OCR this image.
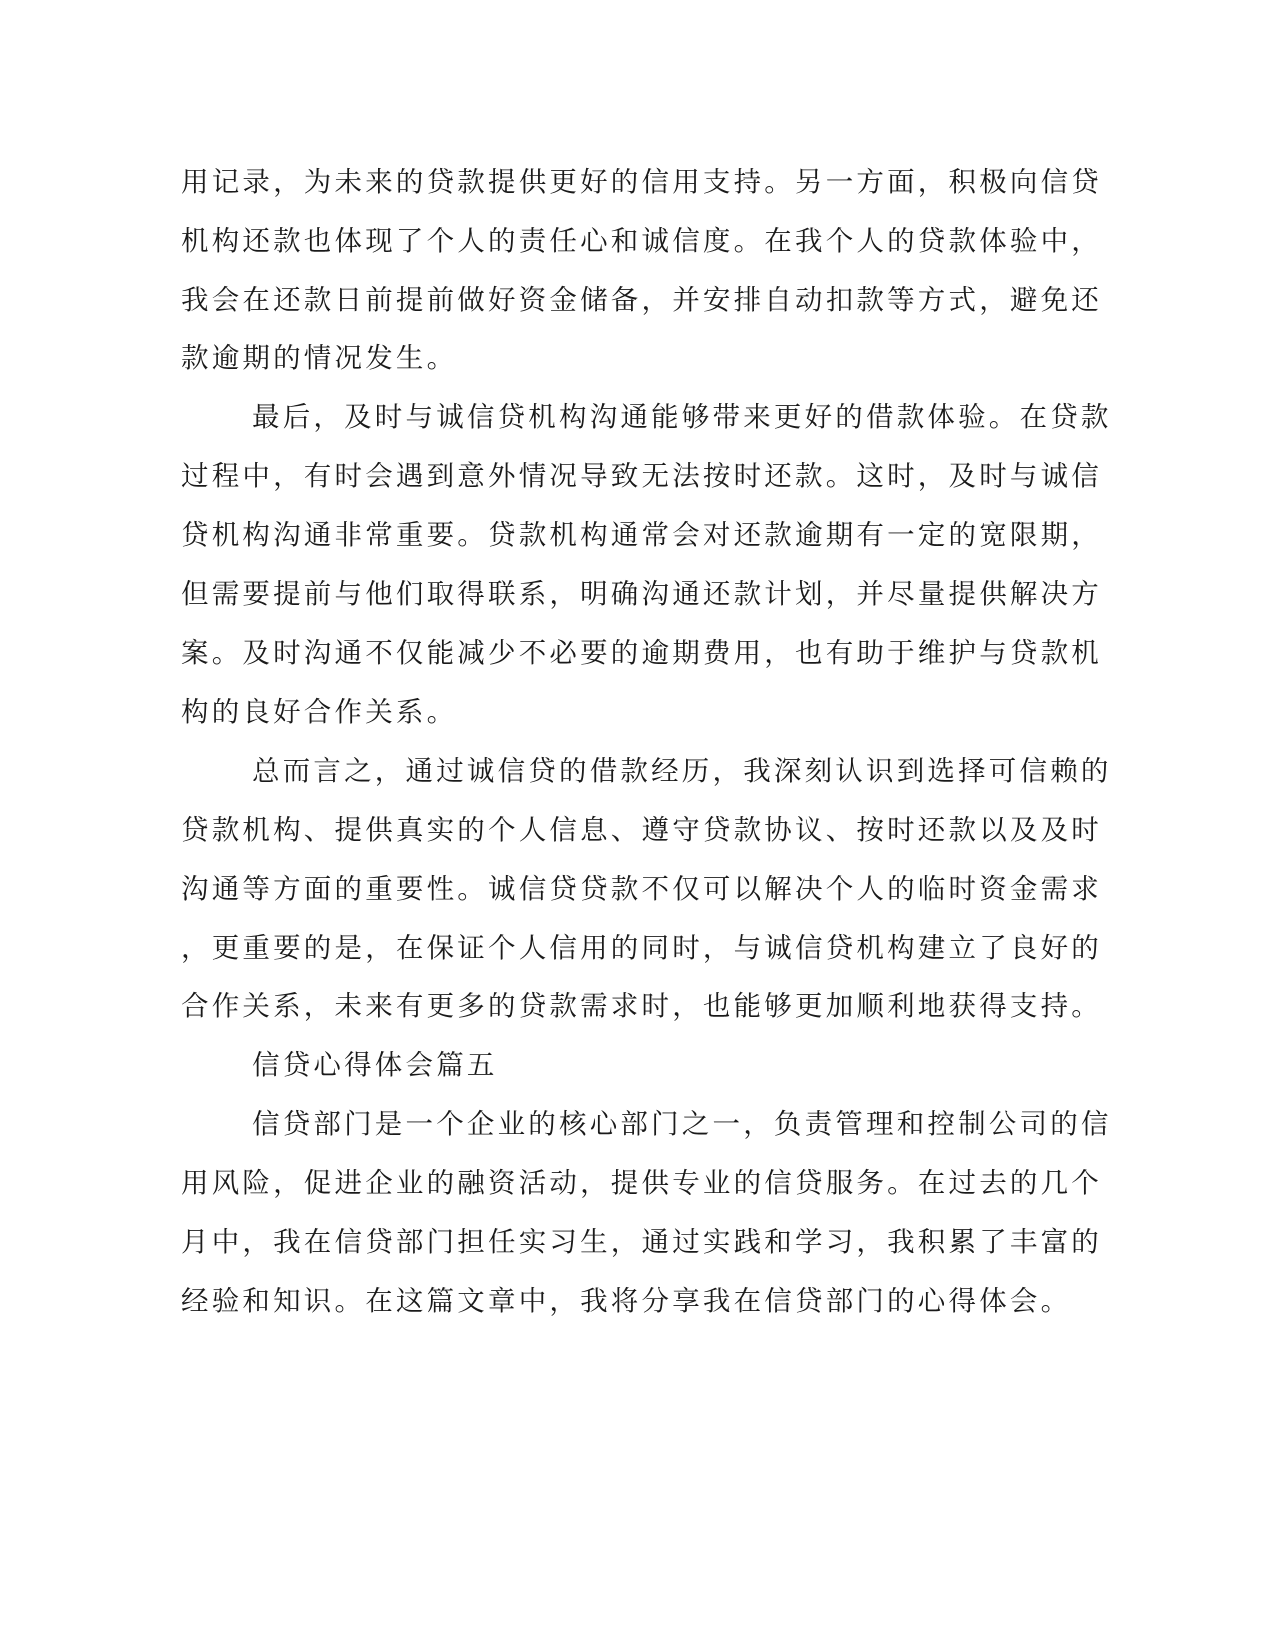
用记录，为未来的贷款提供更好的信用支持。另一方面，积极向信贷
机构还款也体现了个人的责任心和诚信度。在我个人的贷款体验中，
我会在还款日前提前做好资金储备，并安排自动扣款等方式，避免还
款逾期的情况发生。
最后，及时与诚信贷机构沟通能够带来更好的借款体验。在贷款
过程中，有时会遇到意外情况导致无法按时还款。这时，及时与诚信
贷机构沟通非常重要。贷款机构通常会对还款逾期有一定的宽限期，
但需要提前与他们取得联系，明确沟通还款计划，并尽量提供解决方
案。及时沟通不仅能减少不必要的逾期费用，也有助于维护与贷款机
构的良好合作关系。
总而言之，通过诚信贷的借款经历，我深刻认识到选择可信赖的
贷款机构、提供真实的个人信息、遵守贷款协议、按时还款以及及时
沟通等方面的重要性。诚信贷贷款不仅可以解决个人的临时资金需求
，更重要的是，在保证个人信用的同时，与诚信贷机构建立了良好的
合作关系，未来有更多的贷款需求时，也能够更加顺利地获得支持。
信贷心得体会篇五
信贷部门是一个企业的核心部门之一，负责管理和控制公司的信
用风险，促进企业的融资活动，提供专业的信贷服务。在过去的几个
月中，我在信贷部门担任实习生，通过实践和学习，我积累了丰富的
经验和知识。在这篇文章中，我将分享我在信贷部门的心得体会。
